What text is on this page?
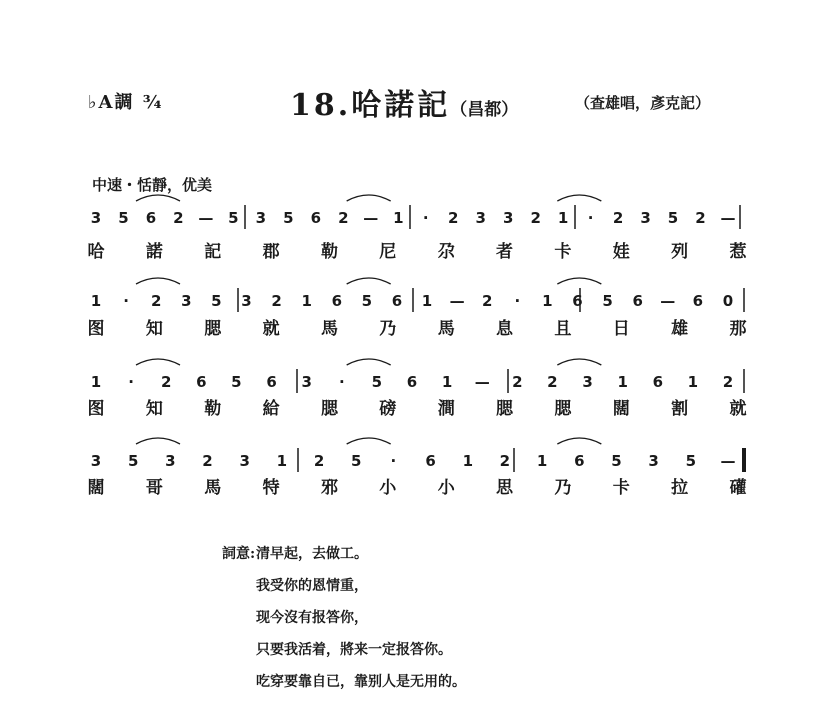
♭A調 ¾	18.哈諾記（昌都）	（查雄唱，彥克記）
中速・恬靜，优美
3 5 6 2 — 5 3 5 6 2 — 1 · 2 3 3 2 1 · 2 3 5 2 —
哈 諾 記 郡 勒 尼 尕 者 卡 娃 列 惹
1 · 2 3 5 3 2 1 6 5 6 1 — 2 · 1 6 5 6 — 6 0
图 知 腮 就 馬 乃 馬 息 且 日 雄 那
1 · 2 6 5 6 3 · 5 6 1 — 2 2 3 1 6 1 2
图 知 勒 給 腮 磅 澗 腮 腮 闊 割 就
3 5 3 2 3 1 2 5 · 6 1 2 1 6 5 3 5 —
闊 哥 馬 特 邪 小 小 思 乃 卡 拉 礶
詞意: 清早起，去做工。
我受你的恩情重，
现今沒有报答你，
只要我活着，將来一定报答你。
吃穿要靠自已，靠别人是无用的。
